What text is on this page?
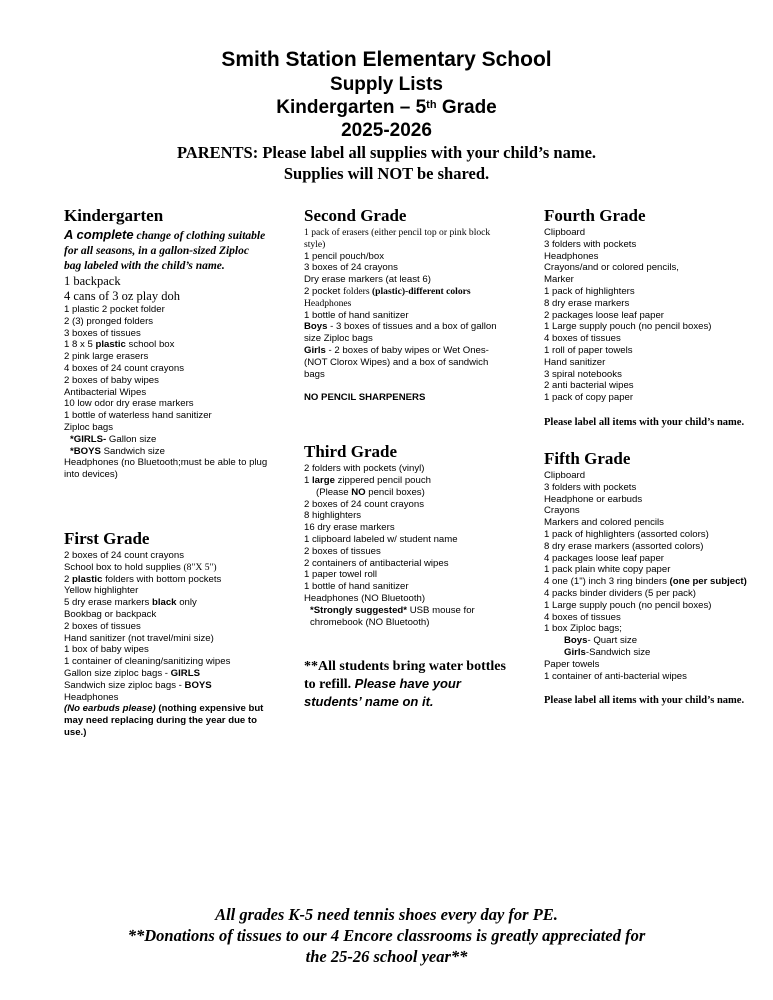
Smith Station Elementary School
Supply Lists
Kindergarten – 5th Grade
2025-2026
PARENTS: Please label all supplies with your child’s name.
Supplies will NOT be shared.
Kindergarten
A complete change of clothing suitable for all seasons, in a gallon-sized Ziploc bag labeled with the child’s name.
1 backpack
4 cans of 3 oz play doh
1 plastic 2 pocket folder
2 (3) pronged folders
3 boxes of tissues
1 8 x 5 plastic school box
2 pink large erasers
4 boxes of 24 count crayons
2 boxes of baby wipes
Antibacterial Wipes
10 low odor dry erase markers
1 bottle of waterless hand sanitizer
Ziploc bags
*GIRLS- Gallon size
*BOYS Sandwich size
Headphones (no Bluetooth;must be able to plug into devices)
First Grade
2 boxes of 24 count crayons
School box to hold supplies (8"X 5")
2 plastic folders with bottom pockets
Yellow highlighter
5 dry erase markers black only
Bookbag or backpack
2 boxes of tissues
Hand sanitizer (not travel/mini size)
1 box of baby wipes
1 container of cleaning/sanitizing wipes
Gallon size ziploc bags - GIRLS
Sandwich size ziploc bags - BOYS
Headphones
(No earbuds please) (nothing expensive but may need replacing during the year due to use.)
Second Grade
1 pack of erasers (either pencil top or pink block style)
1 pencil pouch/box
3 boxes of 24 crayons
Dry erase markers (at least 6)
2 pocket folders (plastic)-different colors
Headphones
1 bottle of hand sanitizer
Boys - 3 boxes of tissues and a box of gallon size Ziploc bags
Girls - 2 boxes of baby wipes or Wet Ones-(NOT Clorox Wipes) and a box of sandwich bags
NO PENCIL SHARPENERS
Third Grade
2 folders with pockets (vinyl)
1 large zippered pencil pouch
(Please NO pencil boxes)
2 boxes of 24 count crayons
8 highlighters
16 dry erase markers
1 clipboard labeled w/ student name
2 boxes of tissues
2 containers of antibacterial wipes
1 paper towel roll
1 bottle of hand sanitizer
Headphones (NO Bluetooth)
*Strongly suggested* USB mouse for chromebook (NO Bluetooth)
**All students bring water bottles to refill. Please have your students’ name on it.
Fourth Grade
Clipboard
3 folders with pockets
Headphones
Crayons/and or colored pencils,
Marker
1 pack of highlighters
8 dry erase markers
2 packages loose leaf paper
1 Large supply pouch (no pencil boxes)
4 boxes of tissues
1 roll of paper towels
Hand sanitizer
3 spiral notebooks
2 anti bacterial wipes
1 pack of copy paper
Please label all items with your child’s name.
Fifth Grade
Clipboard
3 folders with pockets
Headphone or earbuds
Crayons
Markers and colored pencils
1 pack of highlighters (assorted colors)
8 dry erase markers (assorted colors)
4 packages loose leaf paper
1 pack plain white copy paper
4 one (1") inch 3 ring binders (one per subject)
4 packs binder dividers (5 per pack)
1 Large supply pouch (no pencil boxes)
4 boxes of tissues
1 box Ziploc bags;
Boys- Quart size
Girls-Sandwich size
Paper towels
1 container of anti-bacterial wipes
Please label all items with your child’s name.
All grades K-5 need tennis shoes every day for PE.
**Donations of tissues to our 4 Encore classrooms is greatly appreciated for
the 25-26 school year**
